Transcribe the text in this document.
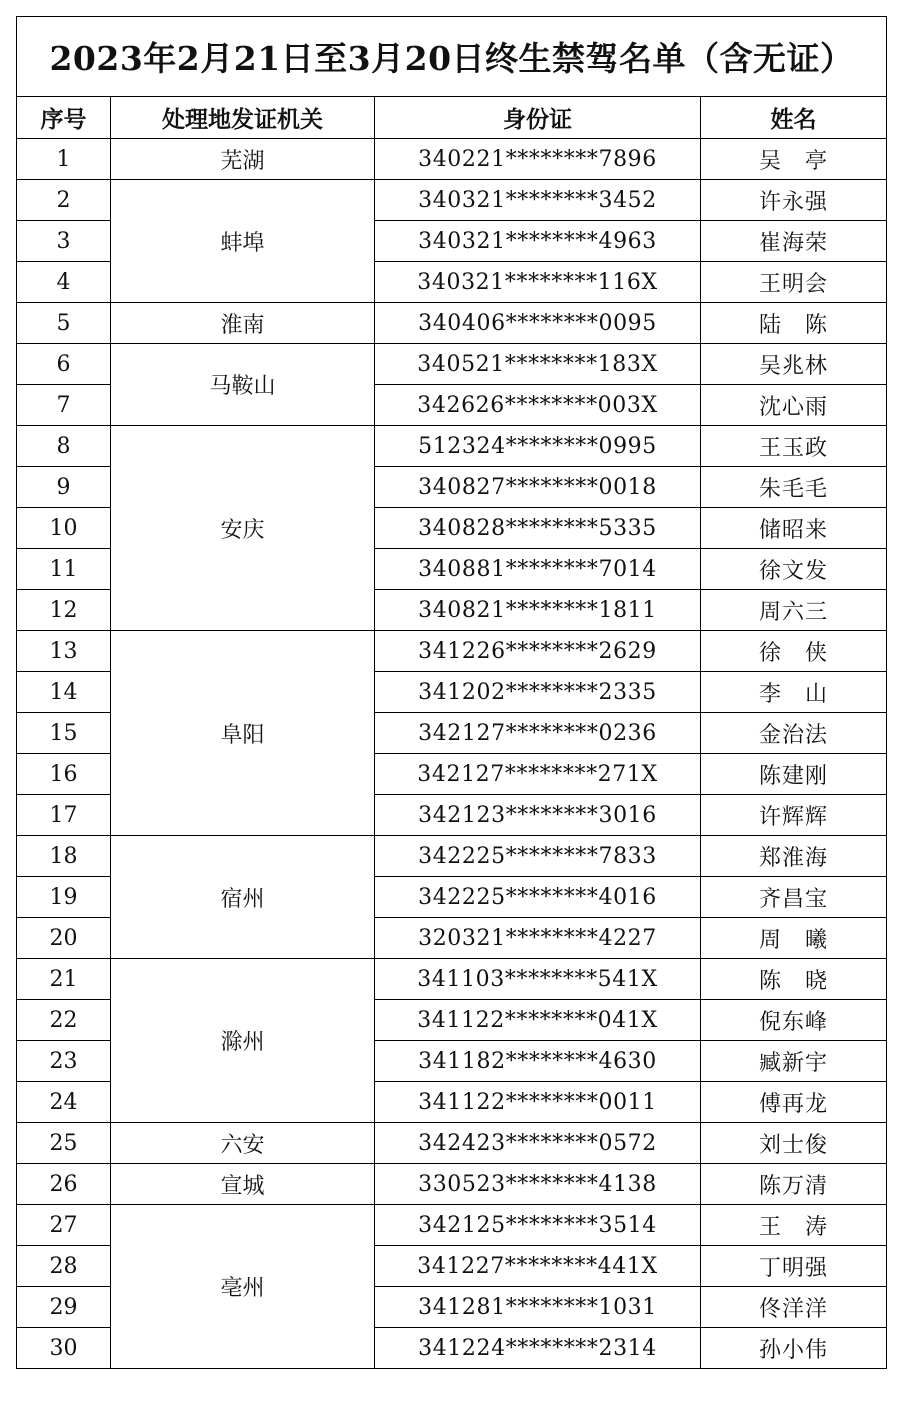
2023年2月21日至3月20日终生禁驾名单（含无证）			
序号	处理地发证机关	身份证	姓名
1	芜湖	340221********7896	吴　亭
2	蚌埠	340321********3452	许永强
3		340321********4963	崔海荣
4		340321********116X	王明会
5	淮南	340406********0095	陆　陈
6	马鞍山	340521********183X	吴兆林
7		342626********003X	沈心雨
8	安庆	512324********0995	王玉政
9		340827********0018	朱毛毛
10		340828********5335	储昭来
11		340881********7014	徐文发
12		340821********1811	周六三
13	阜阳	341226********2629	徐　侠
14		341202********2335	李　山
15		342127********0236	金治法
16		342127********271X	陈建刚
17		342123********3016	许辉辉
18	宿州	342225********7833	郑淮海
19		342225********4016	齐昌宝
20		320321********4227	周　曦
21	滁州	341103********541X	陈　晓
22		341122********041X	倪东峰
23		341182********4630	臧新宇
24		341122********0011	傅再龙
25	六安	342423********0572	刘士俊
26	宣城	330523********4138	陈万清
27	亳州	342125********3514	王　涛
28		341227********441X	丁明强
29		341281********1031	佟洋洋
30		341224********2314	孙小伟
